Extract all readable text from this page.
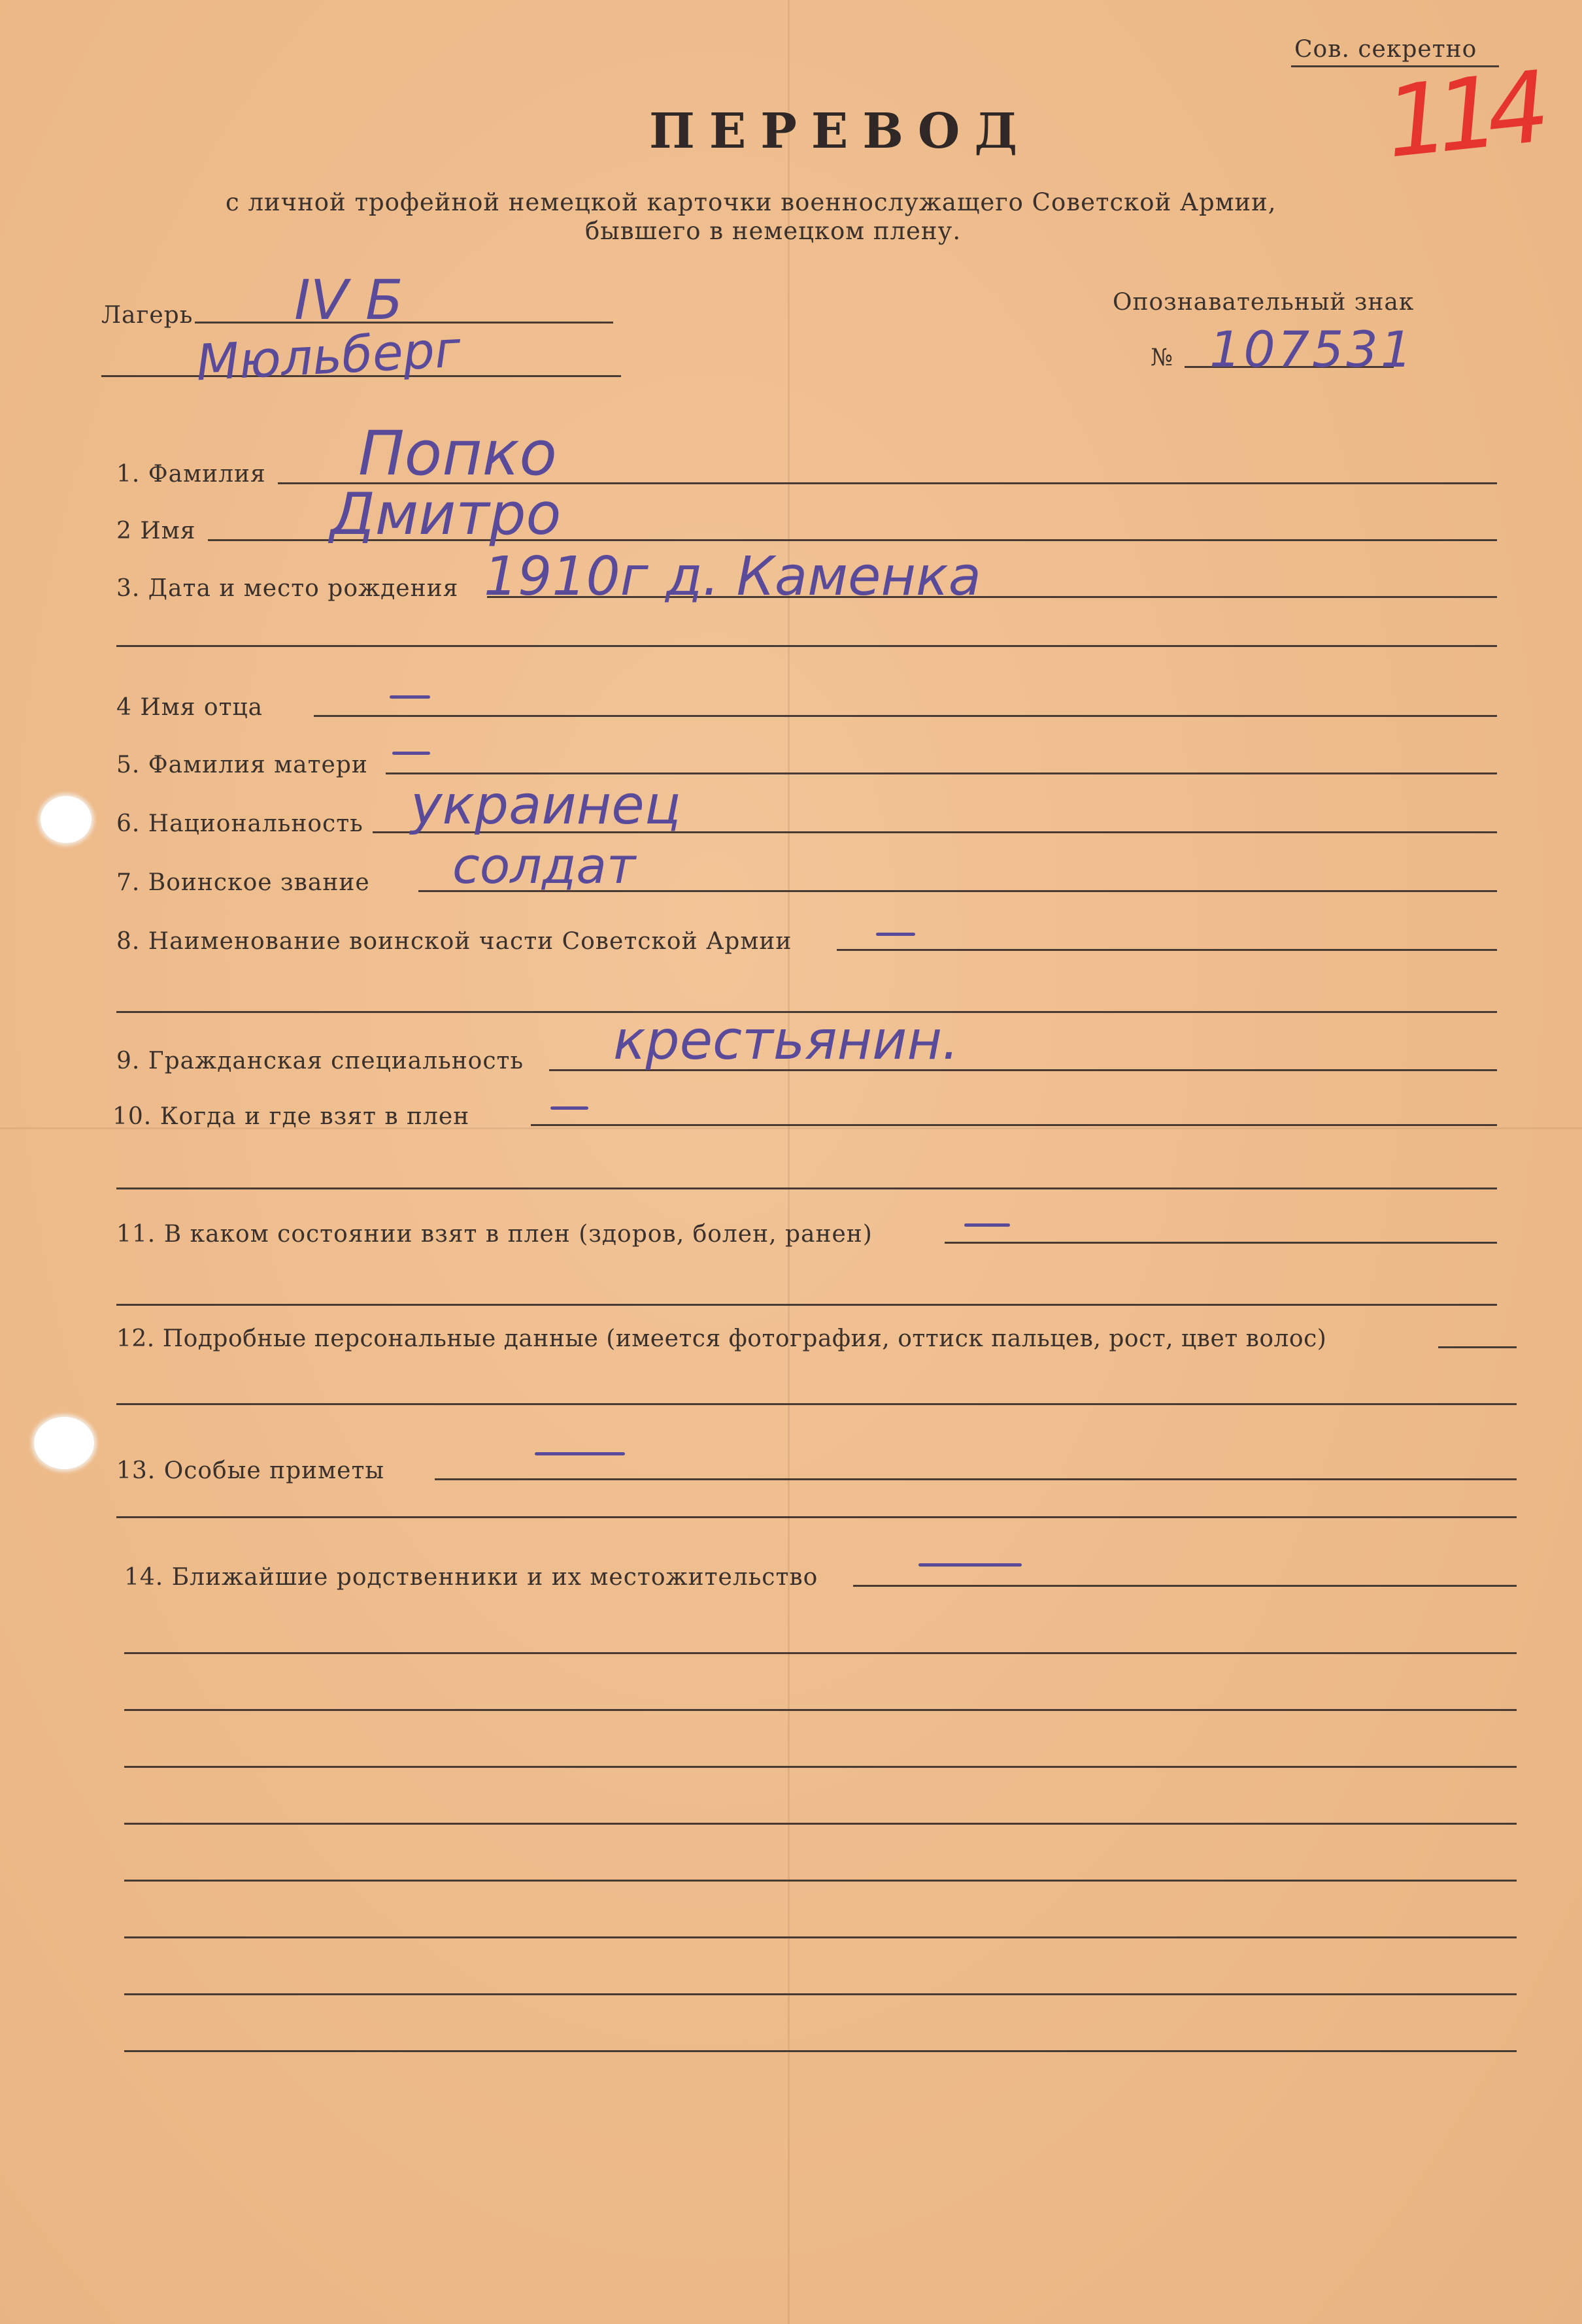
Сов. секретно
114
ПЕРЕВОД
с личной трофейной немецкой карточки военнослужащего Советской Армии,
бывшего в немецком плену.
Лагерь IV Б
Мюльберг
Опознавательный знак
№ 107531
1. Фамилия Попко
2 Имя Дмитро
3. Дата и место рождения 1910г д. Каменка
4 Имя отца
5. Фамилия матери
6. Национальность украинец
7. Воинское звание солдат
8. Наименование воинской части Советской Армии
9. Гражданская специальность крестьянин.
10. Когда и где взят в плен
11. В каком состоянии взят в плен (здоров, болен, ранен)
12. Подробные персональные данные (имеется фотография, оттиск пальцев, рост, цвет волос)
13. Особые приметы
14. Ближайшие родственники и их местожительство
